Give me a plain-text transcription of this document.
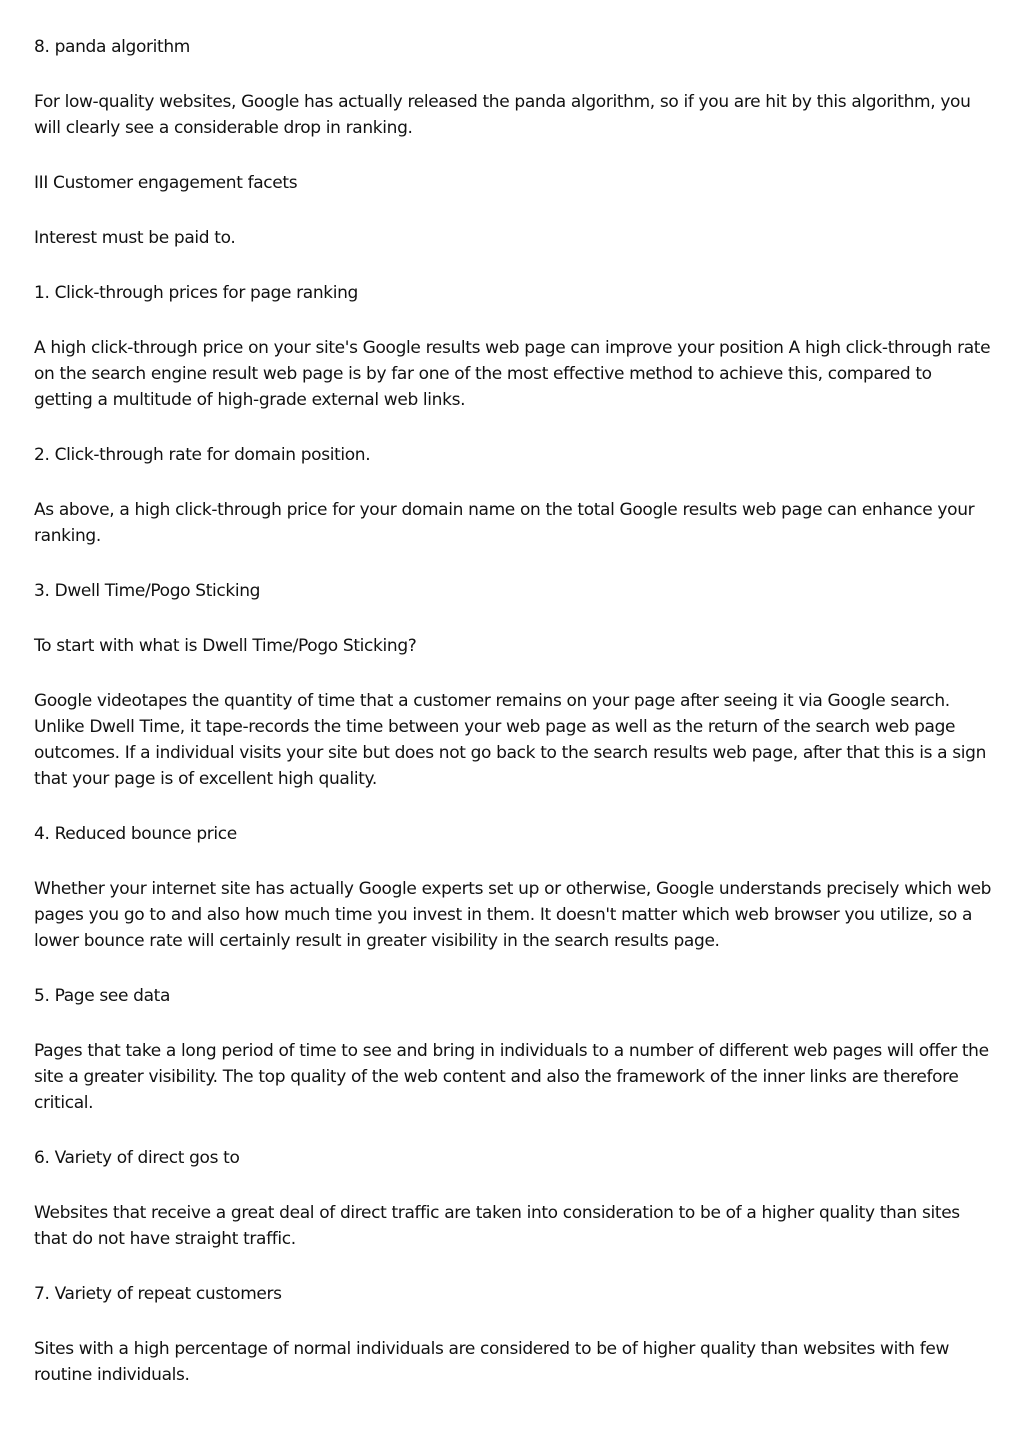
8. panda algorithm

For low-quality websites, Google has actually released the panda algorithm, so if you are hit by this algorithm, you will clearly see a considerable drop in ranking.

III Customer engagement facets

Interest must be paid to.

1. Click-through prices for page ranking

A high click-through price on your site's Google results web page can improve your position A high click-through rate on the search engine result web page is by far one of the most effective method to achieve this, compared to getting a multitude of high-grade external web links.

2. Click-through rate for domain position.

As above, a high click-through price for your domain name on the total Google results web page can enhance your ranking.

3. Dwell Time/Pogo Sticking

To start with what is Dwell Time/Pogo Sticking?

Google videotapes the quantity of time that a customer remains on your page after seeing it via Google search. Unlike Dwell Time, it tape-records the time between your web page as well as the return of the search web page outcomes. If a individual visits your site but does not go back to the search results web page, after that this is a sign that your page is of excellent high quality.

4. Reduced bounce price

Whether your internet site has actually Google experts set up or otherwise, Google understands precisely which web pages you go to and also how much time you invest in them. It doesn't matter which web browser you utilize, so a lower bounce rate will certainly result in greater visibility in the search results page.

5. Page see data

Pages that take a long period of time to see and bring in individuals to a number of different web pages will offer the site a greater visibility. The top quality of the web content and also the framework of the inner links are therefore critical.

6. Variety of direct gos to

Websites that receive a great deal of direct traffic are taken into consideration to be of a higher quality than sites that do not have straight traffic.

7. Variety of repeat customers

Sites with a high percentage of normal individuals are considered to be of higher quality than websites with few routine individuals.
